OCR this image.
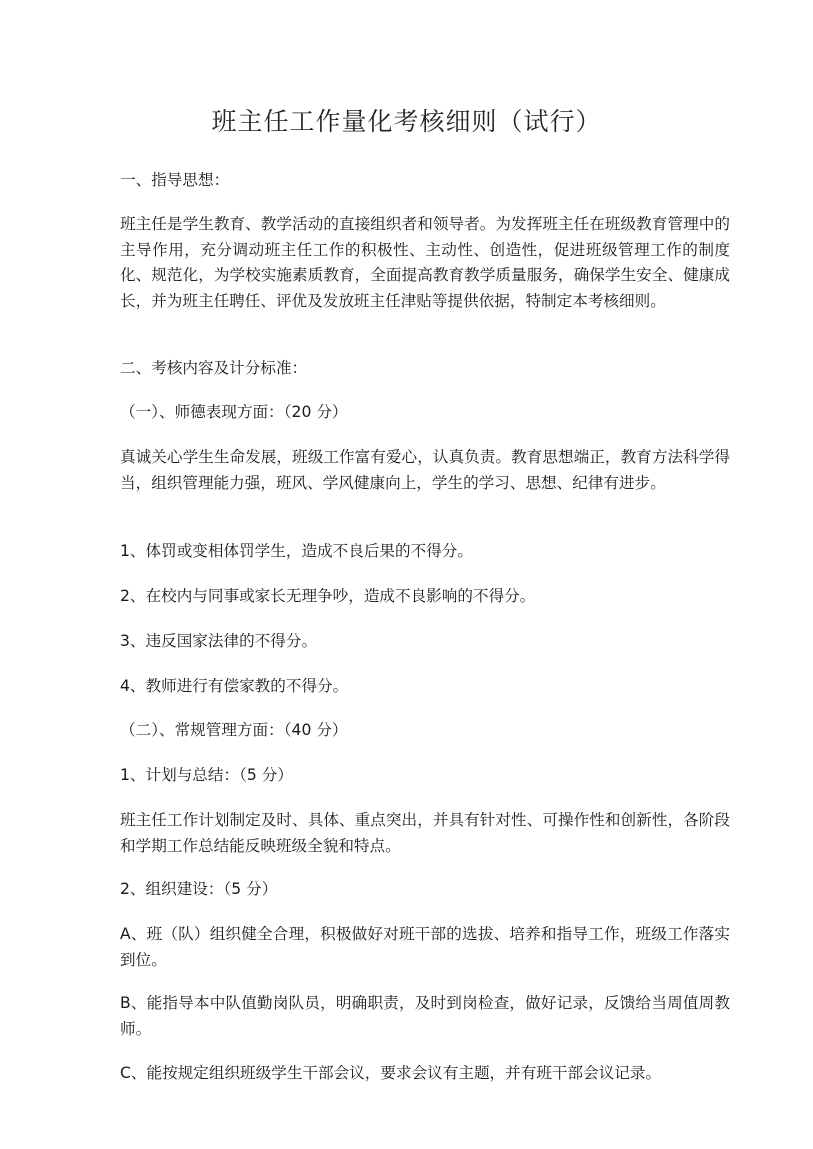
班主任工作量化考核细则（试行）

一、指导思想：

班主任是学生教育、教学活动的直接组织者和领导者。为发挥班主任在班级教育管理中的主导作用，充分调动班主任工作的积极性、主动性、创造性，促进班级管理工作的制度化、规范化，为学校实施素质教育，全面提高教育教学质量服务，确保学生安全、健康成长，并为班主任聘任、评优及发放班主任津贴等提供依据，特制定本考核细则。

二、考核内容及计分标准：

（一）、师德表现方面：（20 分）

真诚关心学生生命发展，班级工作富有爱心，认真负责。教育思想端正，教育方法科学得当，组织管理能力强，班风、学风健康向上，学生的学习、思想、纪律有进步。

1、体罚或变相体罚学生，造成不良后果的不得分。

2、在校内与同事或家长无理争吵，造成不良影响的不得分。

3、违反国家法律的不得分。

4、教师进行有偿家教的不得分。

（二）、常规管理方面：（40 分）

1、计划与总结：（5 分）

班主任工作计划制定及时、具体、重点突出，并具有针对性、可操作性和创新性，各阶段和学期工作总结能反映班级全貌和特点。

2、组织建设：（5 分）

A、班（队）组织健全合理，积极做好对班干部的选拔、培养和指导工作，班级工作落实到位。

B、能指导本中队值勤岗队员，明确职责，及时到岗检查，做好记录，反馈给当周值周教师。

C、能按规定组织班级学生干部会议，要求会议有主题，并有班干部会议记录。
